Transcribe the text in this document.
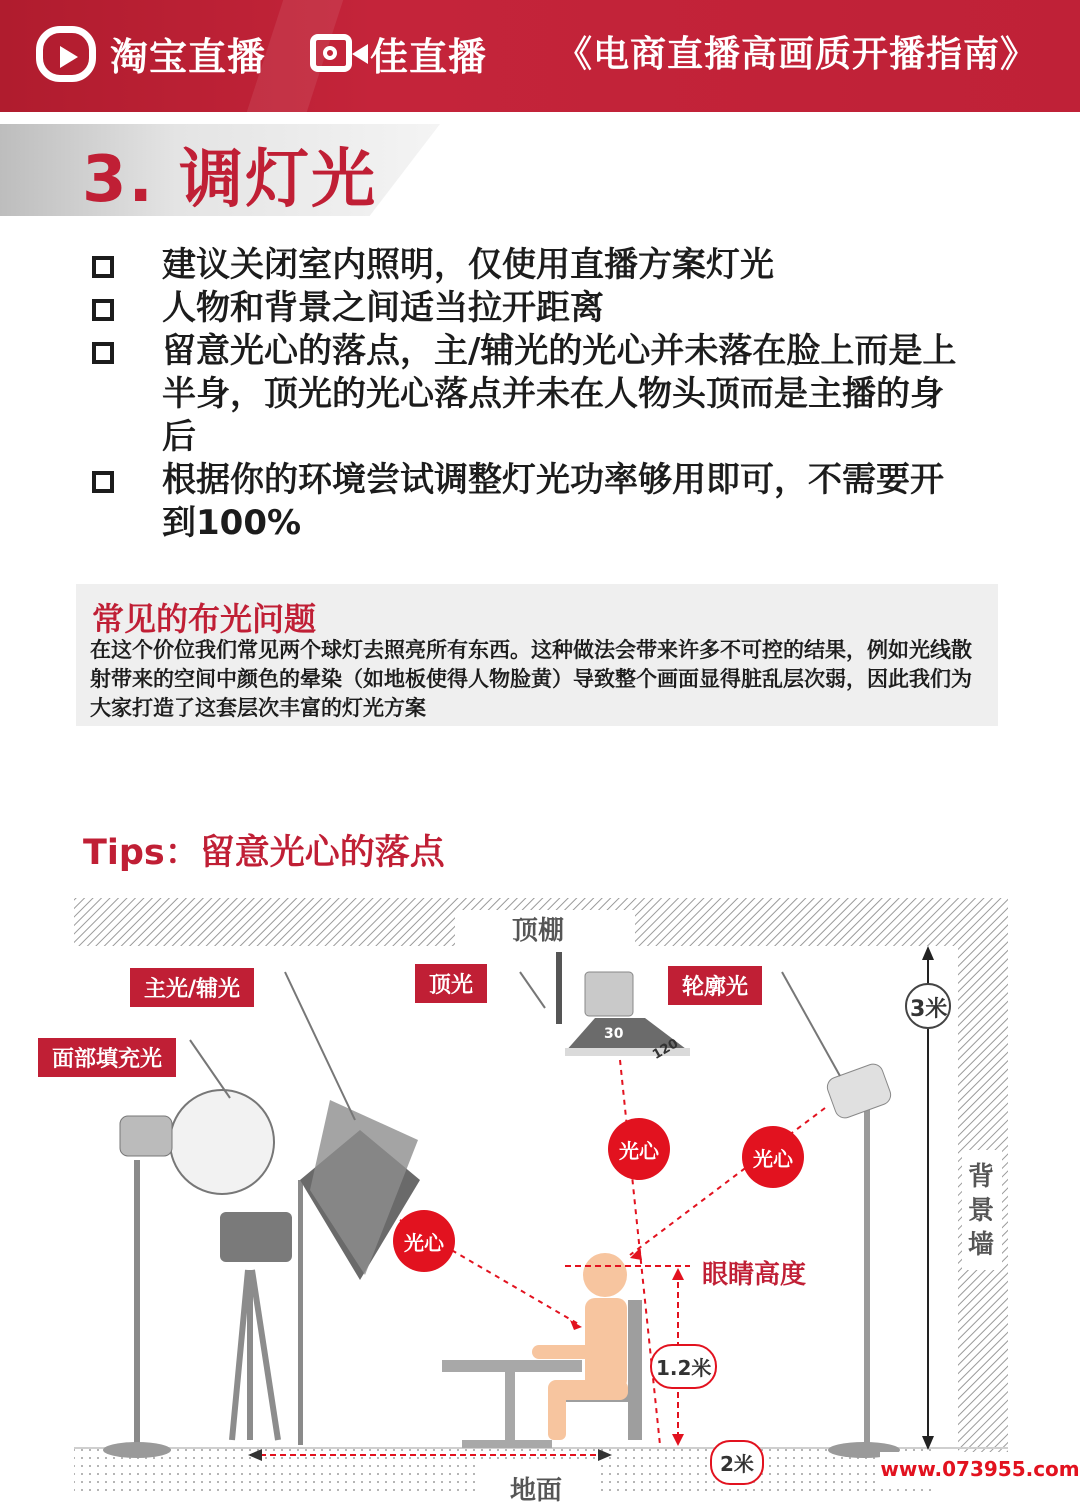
淘宝直播	佳直播 《电商直播高画质开播指南》
3. 调灯光
建议关闭室内照明，仅使用直播方案灯光
人物和背景之间适当拉开距离
留意光心的落点，主/辅光的光心并未落在脸上而是上半身，顶光的光心落点并未在人物头顶而是主播的身后
根据你的环境尝试调整灯光功率够用即可，不需要开到100%
常见的布光问题
在这个价位我们常见两个球灯去照亮所有东西。这种做法会带来许多不可控的结果，例如光线散射带来的空间中颜色的晕染（如地板使得人物脸黄）导致整个画面显得脏乱层次弱，因此我们为大家打造了这套层次丰富的灯光方案
Tips：留意光心的落点
顶棚
地面
背景墙
顶光
主光/辅光
面部填充光
轮廓光
光心	光心
光心
眼睛高度
3米
1.2米
2米
30
120
www.073955.com
